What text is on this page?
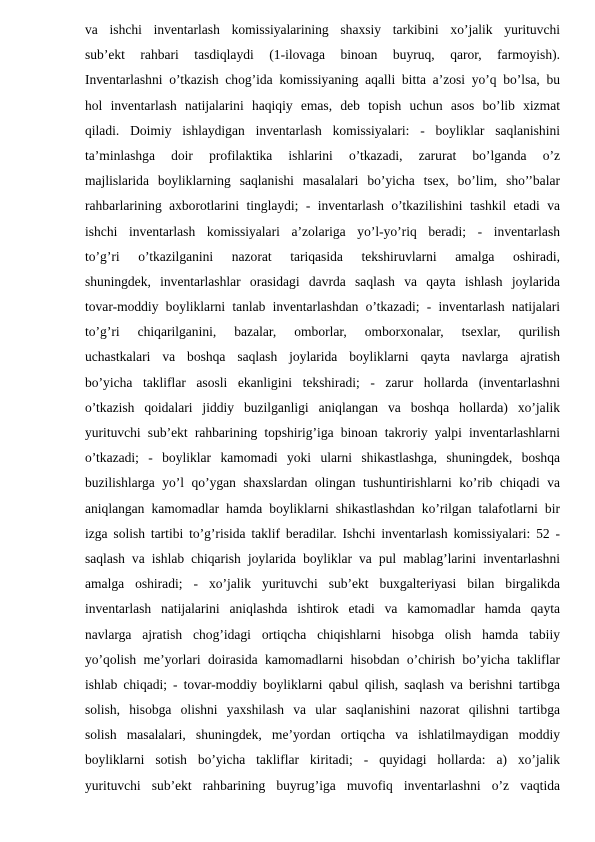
va ishchi inventarlash komissiyalarining shaxsiy tarkibini xo’jalik yurituvchi
sub’ekt rahbari tasdiqlaydi (1-ilovaga binoan buyruq, qaror, farmoyish).
Inventarlashni o’tkazish chog’ida komissiyaning aqalli bitta a’zosi yo’q bo’lsa, bu
hol inventarlash natijalarini haqiqiy emas, deb topish uchun asos bo’lib xizmat
qiladi. Doimiy ishlaydigan inventarlash komissiyalari: - boyliklar saqlanishini
ta’minlashga doir profilaktika ishlarini o’tkazadi, zarurat bo’lganda o’z
majlislarida boyliklarning saqlanishi masalalari bo’yicha tsex, bo’lim, sho’’balar
rahbarlarining axborotlarini tinglaydi; - inventarlash o’tkazilishini tashkil etadi va
ishchi inventarlash komissiyalari a’zolariga yo’l-yo’riq beradi; - inventarlash
to’g’ri o’tkazilganini nazorat tariqasida tekshiruvlarni amalga oshiradi,
shuningdek, inventarlashlar orasidagi davrda saqlash va qayta ishlash joylarida
tovar-moddiy boyliklarni tanlab inventarlashdan o’tkazadi; - inventarlash natijalari
to’g’ri chiqarilganini, bazalar, omborlar, omborxonalar, tsexlar, qurilish
uchastkalari va boshqa saqlash joylarida boyliklarni qayta navlarga ajratish
bo’yicha takliflar asosli ekanligini tekshiradi; - zarur hollarda (inventarlashni
o’tkazish qoidalari jiddiy buzilganligi aniqlangan va boshqa hollarda) xo’jalik
yurituvchi sub’ekt rahbarining topshirig’iga binoan takroriy yalpi inventarlashlarni
o’tkazadi; - boyliklar kamomadi yoki ularni shikastlashga, shuningdek, boshqa
buzilishlarga yo’l qo’ygan shaxslardan olingan tushuntirishlarni ko’rib chiqadi va
aniqlangan kamomadlar hamda boyliklarni shikastlashdan ko’rilgan talafotlarni bir
izga solish tartibi to’g’risida taklif beradilar. Ishchi inventarlash komissiyalari: 52 -
saqlash va ishlab chiqarish joylarida boyliklar va pul mablag’larini inventarlashni
amalga oshiradi; - xo’jalik yurituvchi sub’ekt buxgalteriyasi bilan birgalikda
inventarlash natijalarini aniqlashda ishtirok etadi va kamomadlar hamda qayta
navlarga ajratish chog’idagi ortiqcha chiqishlarni hisobga olish hamda tabiiy
yo’qolish me’yorlari doirasida kamomadlarni hisobdan o’chirish bo’yicha takliflar
ishlab chiqadi; - tovar-moddiy boyliklarni qabul qilish, saqlash va berishni tartibga
solish, hisobga olishni yaxshilash va ular saqlanishini nazorat qilishni tartibga
solish masalalari, shuningdek, me’yordan ortiqcha va ishlatilmaydigan moddiy
boyliklarni sotish bo’yicha takliflar kiritadi; - quyidagi hollarda: a) xo’jalik
yurituvchi sub’ekt rahbarining buyrug’iga muvofiq inventarlashni o’z vaqtida
